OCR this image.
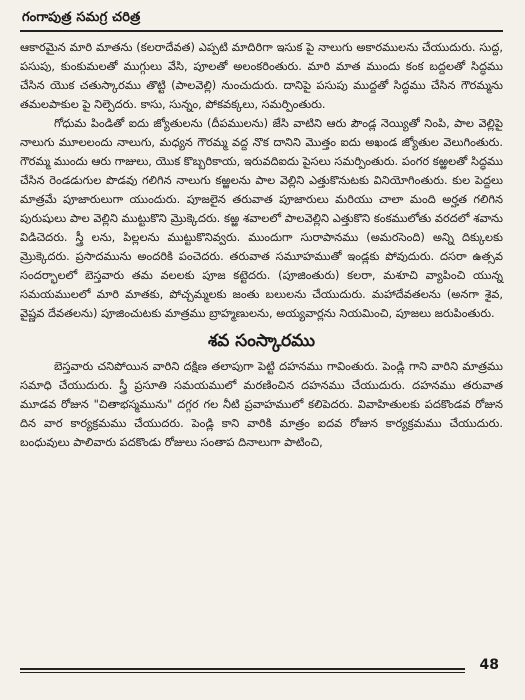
గంగాపుత్ర సమగ్ర చరిత్ర

ఆకారమైన మారి మాతను (కలరాదేవత) ఎప్పటి మాదిరిగా ఇసుక పై నాలుగు అకారములను చేయుదురు. సుద్ద, పసుపు, కుంకుమలతో ముగ్గులు వేసి, పూలతో అలంకరింతురు. మారి మాత ముందు కంక బద్దలతో సిద్ధము చేసిన యొక చతుస్కారము తొట్టి (పాలవెల్లి) నుంచుదురు. దానిపై పసుపు ముద్దతో సిద్ధము చేసిన గౌరమ్మను తమలపాకుల పై నిల్పెదరు. కాసు, సున్నం, పోకవక్కలు, సమర్పింతురు.

గోధుమ పిండితో ఐదు జ్యోతులను (దీపములను) జేసి వాటిని ఆరు పౌండ్ల నెయ్యితో నింపి, పాల వెల్లిపై నాలుగు మూలలందు నాలుగు, మధ్యన గౌరమ్మ వద్ద నొక దానిని మొత్తం ఐదు అఖండ జ్యోతుల వెలుగింతురు. గౌరమ్మ ముందు ఆరు గాజులు, యొక కొబ్బరికాయ, ఇరువదిఐదు పైసలు సమర్పింతురు. పంగర కఱ్ఱలతో సిద్ధము చేసిన రెండడుగుల పొడవు గలిగిన నాలుగు కఱ్ఱలను పాల వెల్లిని ఎత్తుకొనుటకు వినియోగింతురు. కుల పెద్దలు మాత్రమే పూజారులుగా యుందురు. పూజలైన తరువాత పూజారులు మరియు చాలా మంది అర్హత గలిగిన పురుషులు పాల వెల్లిని ముట్టుకొని మ్రొక్కెదరు. కఱ్ఱ శవాలలో పాలవెల్లిని ఎత్తుకొని కంకములోతు వరదలో శవాను విడిచెదరు. స్త్రీ లను, పిల్లలను ముట్టుకొనివ్వరు. ముందుగా సురాపానము (అమరసెంది) అన్ని దిక్కులకు మ్రొక్కెదరు. ప్రసాదమును అందరికి పంచెదరు. తరువాత సమూహముతో ఇండ్లకు పోవుదురు. దసరా ఉత్సవ సందర్భాలలో బెస్తవారు తమ వలలకు పూజ కట్టెదరు. (పూజింతురు) కలరా, మశూచి వ్యాపించి యున్న సమయములలో మారి మాతకు, పోచ్చమ్మలకు జంతు బలులను చేయుదురు. మహాదేవతలను (అనగా శైవ, వైష్ణవ దేవతలను) పూజించుటకు మాత్రము బ్రాహ్మణులను, అయ్యవార్లను నియమించి, పూజలు జరుపింతురు.

శవ సంస్కారము

బెస్తవారు చనిపోయిన వారిని దక్షిణ తలాపుగా పెట్టి దహనము గావింతురు. పెండ్లి గాని వారిని మాత్రము సమాధి చేయుదురు. స్త్రీ ప్రసూతి సమయములో మరణించిన దహనము చేయుదురు. దహనము తరువాత మూడవ రోజున "చితాభస్మమును" దగ్గర గల నీటి ప్రవాహములో కలిపెదరు. వివాహితులకు పదకొండవ రోజున దిన వార కార్యక్రమము చేయుదరు. పెండ్లి కాని వారికి మాత్రం ఐదవ రోజున కార్యక్రమము చేయుదురు. బంధువులు పాలివారు పదకొండు రోజులు సంతాప దినాలుగా పాటించి,

48
